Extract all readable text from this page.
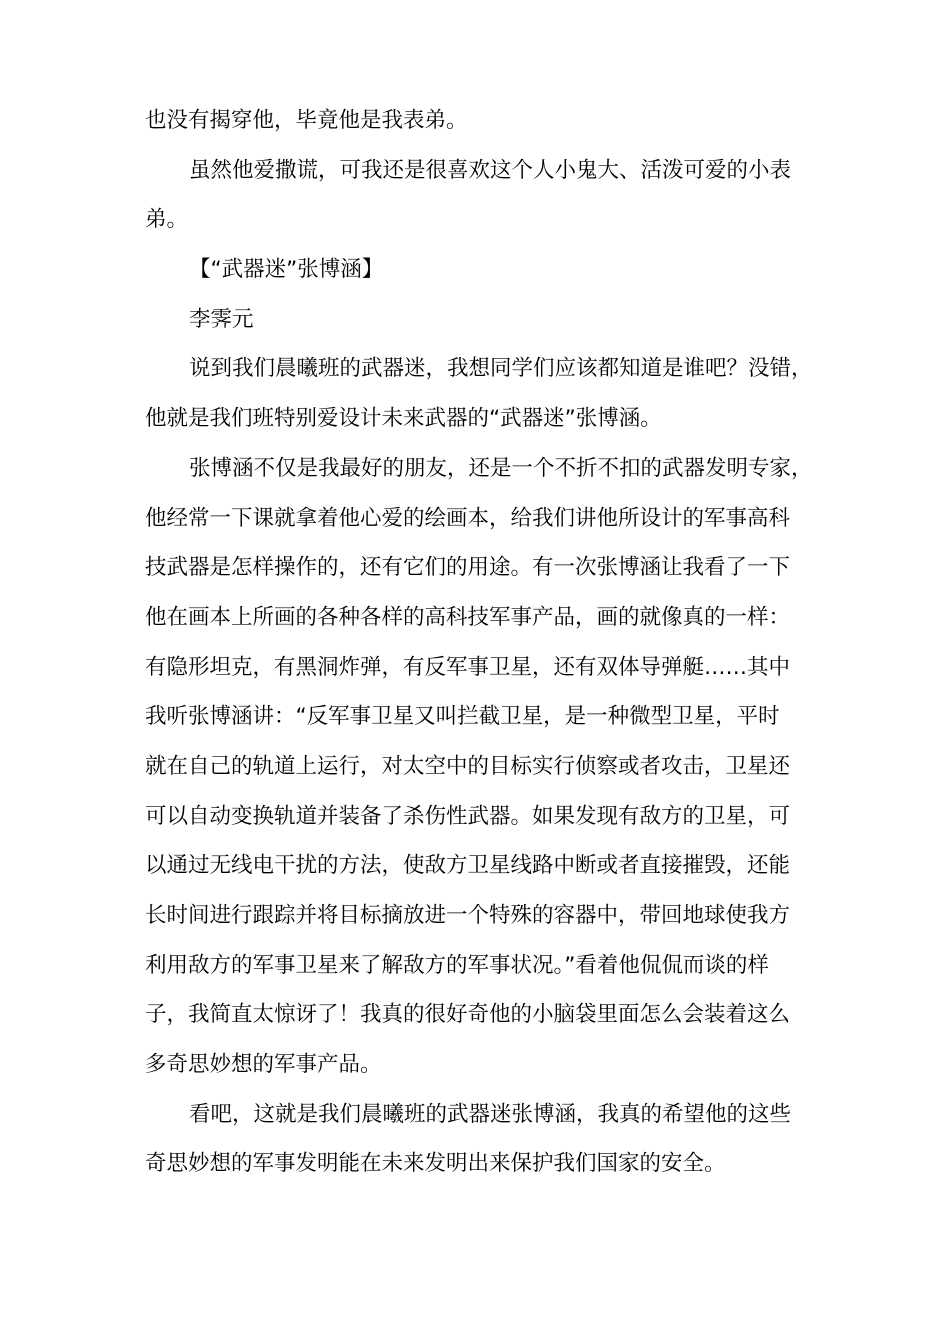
也没有揭穿他，毕竟他是我表弟。
虽然他爱撒谎，可我还是很喜欢这个人小鬼大、活泼可爱的小表
弟。
【“武器迷”张博涵】
李霁元
说到我们晨曦班的武器迷，我想同学们应该都知道是谁吧？没错，
他就是我们班特别爱设计未来武器的“武器迷”张博涵。
张博涵不仅是我最好的朋友，还是一个不折不扣的武器发明专家，
他经常一下课就拿着他心爱的绘画本，给我们讲他所设计的军事高科
技武器是怎样操作的，还有它们的用途。有一次张博涵让我看了一下
他在画本上所画的各种各样的高科技军事产品，画的就像真的一样：
有隐形坦克，有黑洞炸弹，有反军事卫星，还有双体导弹艇……其中
我听张博涵讲：“反军事卫星又叫拦截卫星，是一种微型卫星，平时
就在自己的轨道上运行，对太空中的目标实行侦察或者攻击，卫星还
可以自动变换轨道并装备了杀伤性武器。如果发现有敌方的卫星，可
以通过无线电干扰的方法，使敌方卫星线路中断或者直接摧毁，还能
长时间进行跟踪并将目标摘放进一个特殊的容器中，带回地球使我方
利用敌方的军事卫星来了解敌方的军事状况。”看着他侃侃而谈的样
子，我简直太惊讶了！我真的很好奇他的小脑袋里面怎么会装着这么
多奇思妙想的军事产品。
看吧，这就是我们晨曦班的武器迷张博涵，我真的希望他的这些
奇思妙想的军事发明能在未来发明出来保护我们国家的安全。
